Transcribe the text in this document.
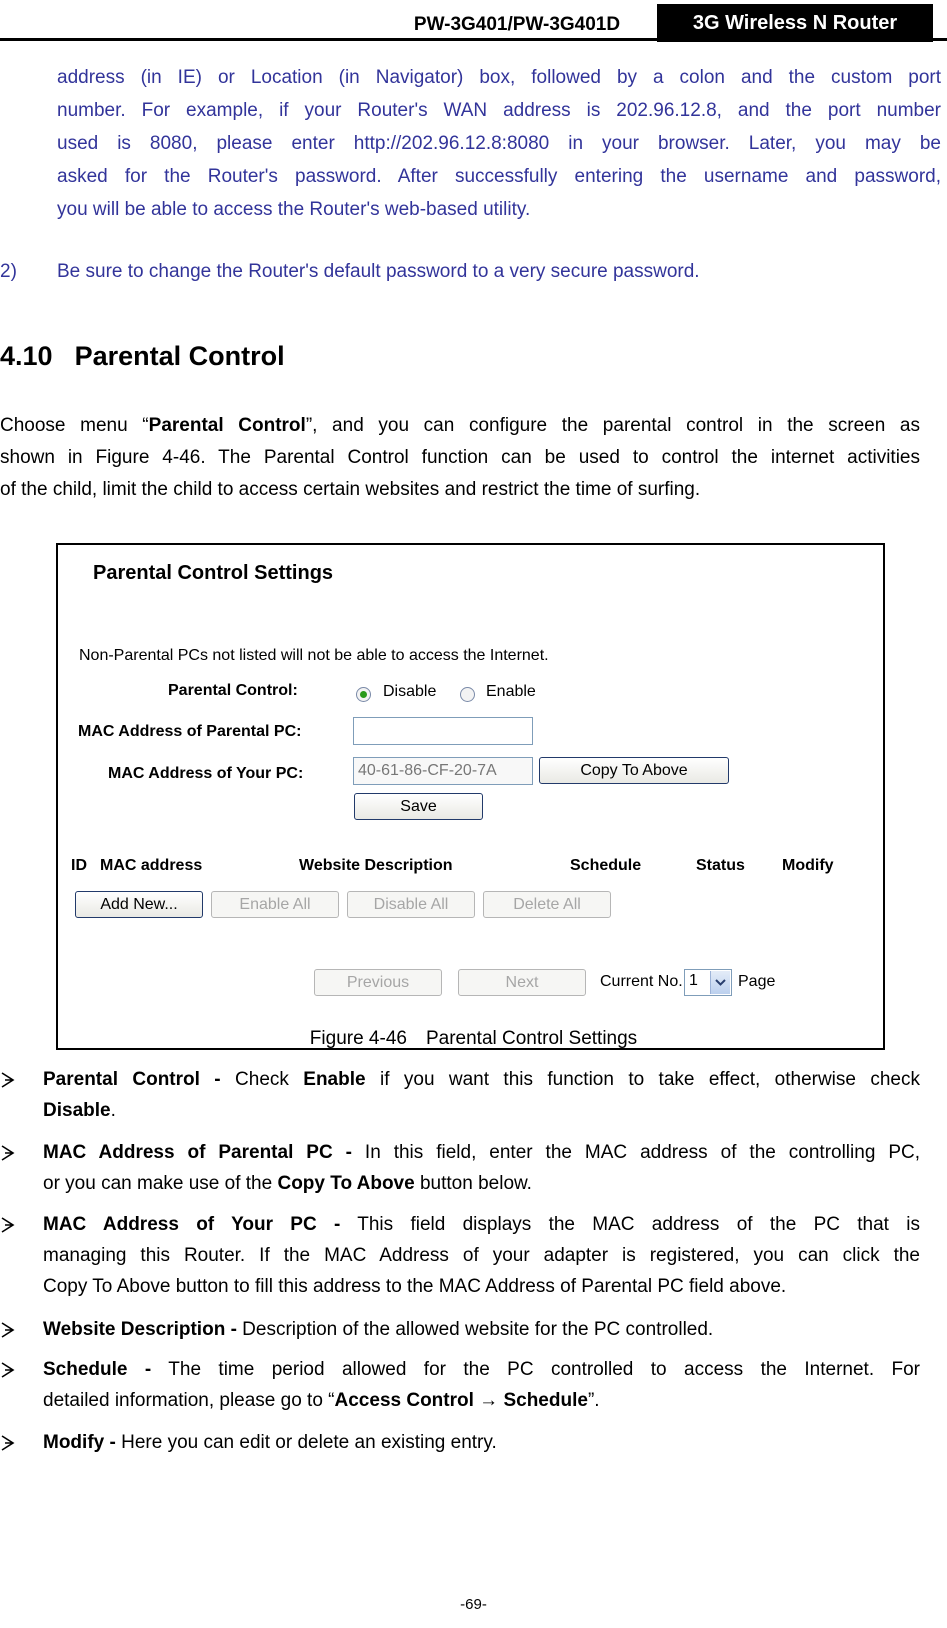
PW-3G401/PW-3G401D	3G Wireless N Router
address (in IE) or Location (in Navigator) box, followed by a colon and the custom port
number. For example, if your Router's WAN address is 202.96.12.8, and the port number
used is 8080, please enter http://202.96.12.8:8080 in your browser. Later, you may be
asked for the Router's password. After successfully entering the username and password,
you will be able to access the Router's web-based utility.
2) Be sure to change the Router's default password to a very secure password.
4.10 Parental Control
Choose menu “Parental Control”, and you can configure the parental control in the screen as
shown in Figure 4-46. The Parental Control function can be used to control the internet activities
of the child, limit the child to access certain websites and restrict the time of surfing.
Parental Control Settings
Non-Parental PCs not listed will not be able to access the Internet.
Parental Control:	Disable	Enable
MAC Address of Parental PC:
MAC Address of Your PC:	40-61-86-CF-20-7A	Copy To Above
Save
ID MAC address	Website Description	Schedule	Status Modify
Add New...	Enable All	Disable All	Delete All
Previous	Next	Current No. 1	Page
Figure 4-46　Parental Control Settings
Parental Control - Check Enable if you want this function to take effect, otherwise check
Disable.
MAC Address of Parental PC - In this field, enter the MAC address of the controlling PC,
or you can make use of the Copy To Above button below.
MAC Address of Your PC - This field displays the MAC address of the PC that is
managing this Router. If the MAC Address of your adapter is registered, you can click the
Copy To Above button to fill this address to the MAC Address of Parental PC field above.
Website Description - Description of the allowed website for the PC controlled.
Schedule - The time period allowed for the PC controlled to access the Internet. For
detailed information, please go to “Access Control → Schedule”.
Modify - Here you can edit or delete an existing entry.
-69-
